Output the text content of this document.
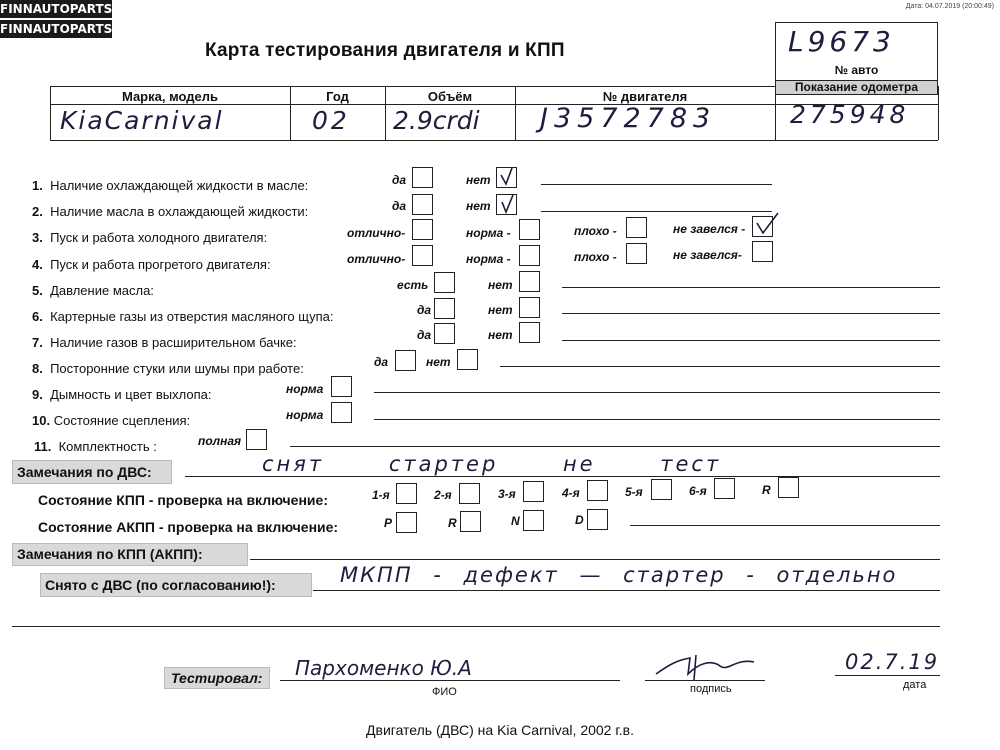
FINNAUTOPARTS
FINNAUTOPARTS
Дата: 04.07.2019 (20:00:49)
Карта тестирования двигателя и КПП	L9673
№ авто
Показание одометра
Марка, модель	Год	Объём	№ двигателя
KiaCarnival	02 2.9crdi J3572783	275948
1. Наличие охлаждающей жидкости в масле:	да	нет
2. Наличие масла в охлаждающей жидкости:	да	нет
3. Пуск и работа холодного двигателя:	отлично-	норма -	плохо -	не завелся -
4. Пуск и работа прогретого двигателя:	отлично-	норма -	плохо -	не завелся-
5. Давление масла:	есть	нет
6. Картерные газы из отверстия масляного щупа:	да	нет
7. Наличие газов в расширительном бачке:	да	нет
8. Посторонние стуки или шумы при работе:	да	нет
9. Дымность и цвет выхлопа:	норма
10. Состояние сцепления:	норма
11. Комплектность :	полная
Замечания по ДВС:	снят стартер не тест
Состояние КПП - проверка на включение:	1-я	2-я	3-я	4-я	5-я	6-я	R
Состояние АКПП - проверка на включение:	P	R	N	D
Замечания по КПП (АКПП):
Снято с ДВС (по согласованию!):	МКПП - дефект — стартер - отдельно
Тестировал:	Пархоменко Ю.А
ФИО	подпись
02.7.19
дата
Двигатель (ДВС) на Kia Carnival, 2002 г.в.
